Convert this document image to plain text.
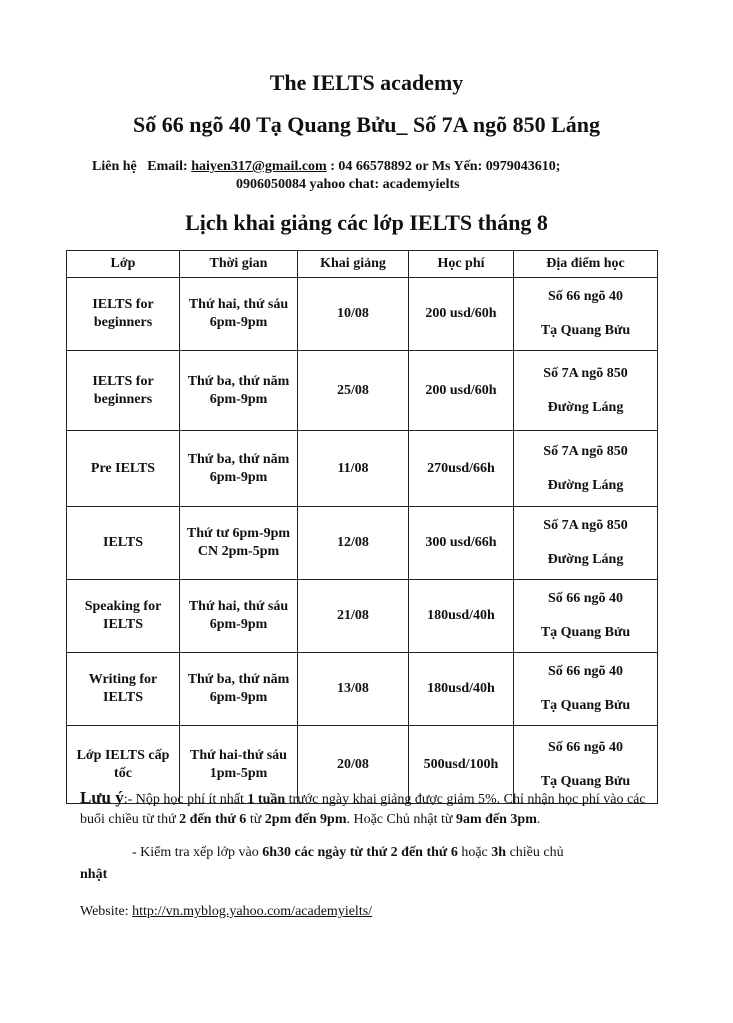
The IELTS academy
Số 66 ngõ 40 Tạ Quang Bửu_ Số 7A ngõ 850 Láng
Liên hệ Email: haiyen317@gmail.com : 04 66578892 or Ms Yến: 0979043610;
0906050084 yahoo chat: academyielts
Lịch khai giảng các lớp IELTS tháng 8
Lớp	Thời gian	Khai giảng	Học phí	Địa điểm học
IELTS for beginners	Thứ hai, thứ sáu 6pm-9pm	10/08	200 usd/60h	Số 66 ngõ 40
Tạ Quang Bửu

IELTS for beginners	Thứ ba, thứ năm 6pm-9pm	25/08	200 usd/60h	Số 7A ngõ 850
Đường Láng

Pre IELTS	Thứ ba, thứ năm 6pm-9pm	11/08	270usd/66h	Số 7A ngõ 850
Đường Láng

IELTS	Thứ tư 6pm-9pm CN 2pm-5pm	12/08	300 usd/66h	Số 7A ngõ 850
Đường Láng

Speaking for IELTS	Thứ hai, thứ sáu 6pm-9pm	21/08	180usd/40h	Số 66 ngõ 40
Tạ Quang Bửu

Writing for IELTS	Thứ ba, thứ năm 6pm-9pm	13/08	180usd/40h	Số 66 ngõ 40
Tạ Quang Bửu

Lớp IELTS cấp tốc	Thứ hai-thứ sáu 1pm-5pm	20/08	500usd/100h	Số 66 ngõ 40
Tạ Quang Bửu
Lưu ý:- Nộp học phí ít nhất 1 tuần trước ngày khai giảng được giảm 5%. Chỉ nhận học phí vào các buổi chiều từ thứ 2 đến thứ 6 từ 2pm đến 9pm. Hoặc Chủ nhật từ 9am đến 3pm.
- Kiểm tra xếp lớp vào 6h30 các ngày từ thứ 2 đến thứ 6 hoặc 3h chiều chủ
nhật
Website: http://vn.myblog.yahoo.com/academyielts/
